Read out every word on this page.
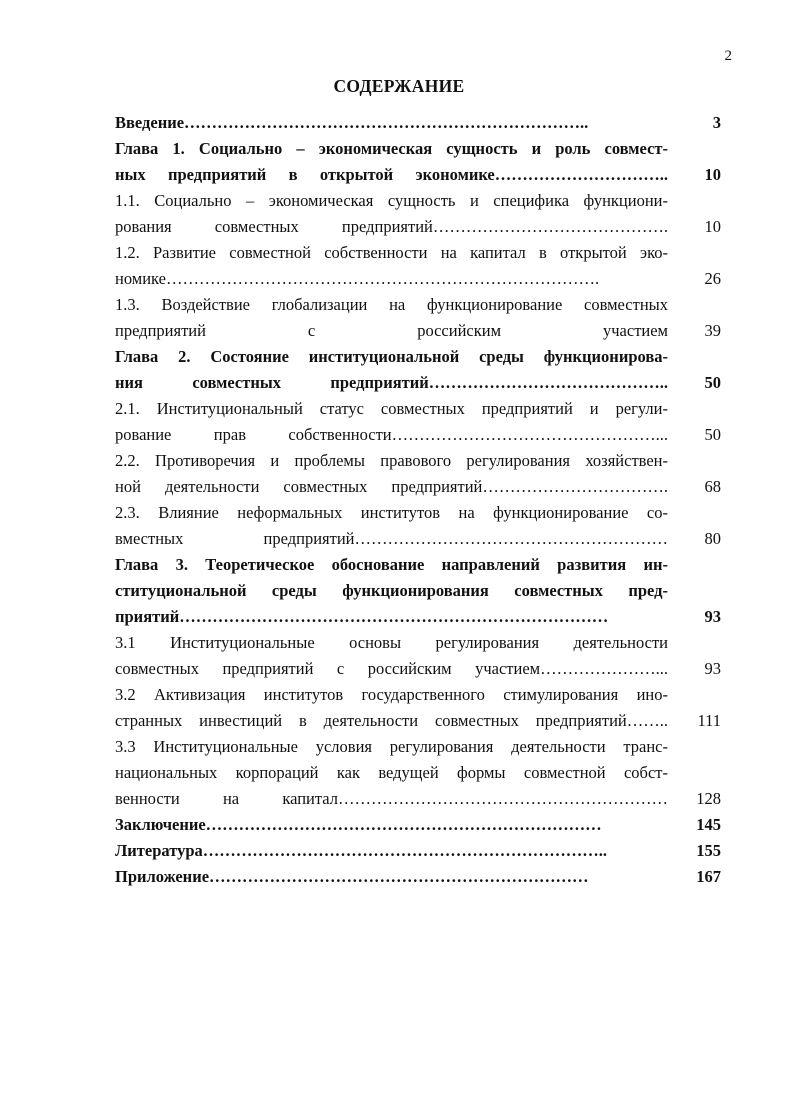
2
СОДЕРЖАНИЕ
Введение………………………………………………………………..	3
Глава 1. Социально – экономическая сущность и роль совмест-
ных предприятий в открытой экономике…………………………..	10
1.1. Социально – экономическая сущность и специфика функциони-
рования совместных предприятий…………………………………….	10
1.2. Развитие совместной собственности на капитал в открытой эко-
номике…………………………………………………………………….	26
1.3. Воздействие глобализации на функционирование совместных
предприятий с российским участием	39
Глава 2. Состояние институциональной среды функционирова-
ния совместных предприятий……………………………………..	50
2.1. Институциональный статус совместных предприятий и регули-
рование прав собственности…………………………………………...	50
2.2. Противоречия и проблемы правового регулирования хозяйствен-
ной деятельности совместных предприятий…………………………….	68
2.3. Влияние неформальных институтов на функционирование со-
вместных предприятий…………………………………………………	80
Глава 3. Теоретическое обоснование направлений развития ин-
ституциональной среды функционирования совместных пред-
приятий……………………………………………………………………	93
3.1 Институциональные основы регулирования деятельности
совместных предприятий с российским участием…………………...	93
3.2 Активизация институтов государственного стимулирования ино-
странных инвестиций в деятельности совместных предприятий……..	111
3.3 Институциональные условия регулирования деятельности транс-
национальных корпораций как ведущей формы совместной собст-
венности на капитал……………………………………………………	128
Заключение………………………………………………………………	145
Литература………………………………………………………………..	155
Приложение……………………………………………………………	167
